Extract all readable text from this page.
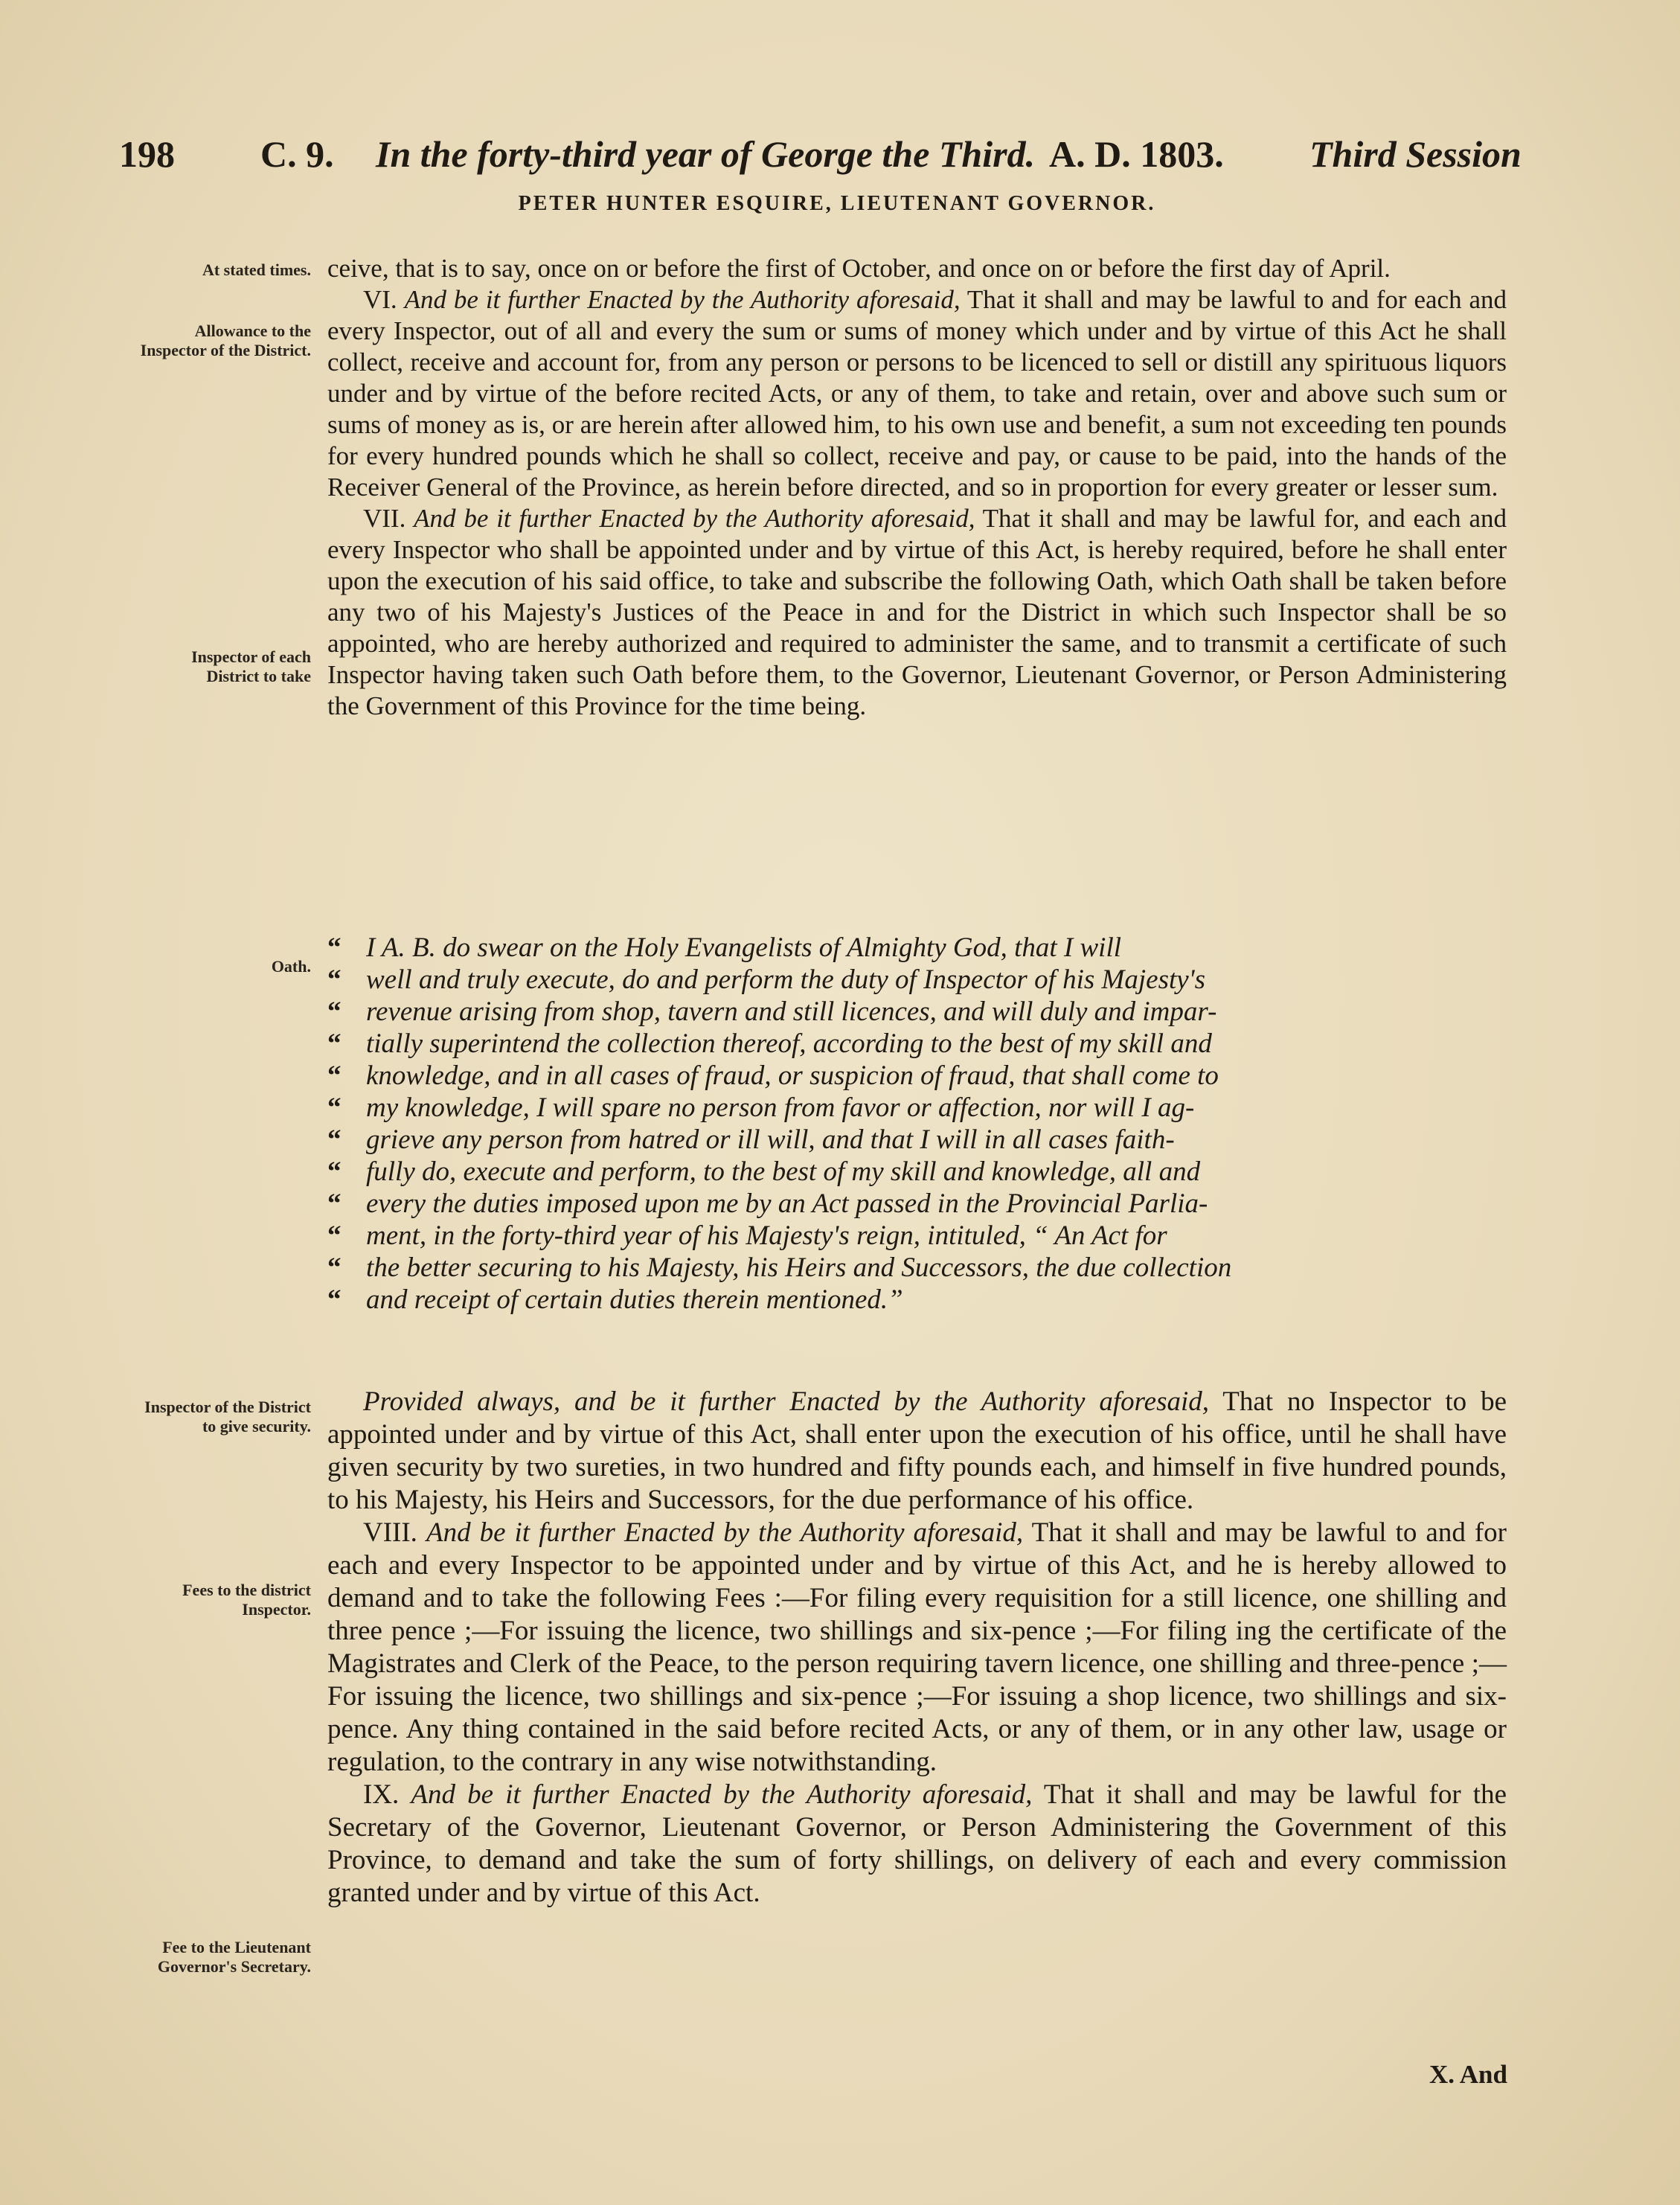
198 C. 9. In the forty-third year of George the Third. A. D. 1803. Third Session
PETER HUNTER ESQUIRE, LIEUTENANT GOVERNOR.
At stated times.
Allowance to the Inspector of the District.
Inspector of each District to take
Oath.
Inspector of the District to give security.
Fees to the district Inspector.
Fee to the Lieutenant Governor's Secretary.

ceive, that is to say, once on or before the first of October, and once on or before the first day of April.

VI. And be it further Enacted by the Authority aforesaid, That it shall and may be lawful to and for each and every Inspector, out of all and every the sum or sums of money which under and by virtue of this Act he shall collect, receive and account for, from any person or persons to be licenced to sell or distill any spirituous liquors under and by virtue of the before recited Acts, or any of them, to take and retain, over and above such sum or sums of money as is, or are herein after allowed him, to his own use and benefit, a sum not exceeding ten pounds for every hundred pounds which he shall so collect, receive and pay, or cause to be paid, into the hands of the Receiver General of the Province, as herein before directed, and so in proportion for every greater or lesser sum.

VII. And be it further Enacted by the Authority aforesaid, That it shall and may be lawful for, and each and every Inspector who shall be appointed under and by virtue of this Act, is hereby required, before he shall enter upon the execution of his said office, to take and subscribe the following Oath, which Oath shall be taken before any two of his Majesty's Justices of the Peace in and for the District in which such Inspector shall be so appointed, who are hereby authorized and required to administer the same, and to transmit a certificate of such Inspector having taken such Oath before them, to the Governor, Lieutenant Governor, or Person Administering the Government of this Province for the time being.

“ I A. B. do swear on the Holy Evangelists of Almighty God, that I will
“ well and truly execute, do and perform the duty of Inspector of his Majesty's
“ revenue arising from shop, tavern and still licences, and will duly and impar-
“ tially superintend the collection thereof, according to the best of my skill and
“ knowledge, and in all cases of fraud, or suspicion of fraud, that shall come to
“ my knowledge, I will spare no person from favor or affection, nor will I ag-
“ grieve any person from hatred or ill will, and that I will in all cases faith-
“ fully do, execute and perform, to the best of my skill and knowledge, all and
“ every the duties imposed upon me by an Act passed in the Provincial Parlia-
“ ment, in the forty-third year of his Majesty's reign, intituled, “ An Act for
“ the better securing to his Majesty, his Heirs and Successors, the due collection
“ and receipt of certain duties therein mentioned.”

Provided always, and be it further Enacted by the Authority aforesaid, That no Inspector to be appointed under and by virtue of this Act, shall enter upon the execution of his office, until he shall have given security by two sureties, in two hundred and fifty pounds each, and himself in five hundred pounds, to his Majesty, his Heirs and Successors, for the due performance of his office.

VIII. And be it further Enacted by the Authority aforesaid, That it shall and may be lawful to and for each and every Inspector to be appointed under and by virtue of this Act, and he is hereby allowed to demand and to take the following Fees :—For filing every requisition for a still licence, one shilling and three pence ;—For issuing the licence, two shillings and six-pence ;—For filing ing the certificate of the Magistrates and Clerk of the Peace, to the person requiring tavern licence, one shilling and three-pence ;—For issuing the licence, two shillings and six-pence ;—For issuing a shop licence, two shillings and six-pence. Any thing contained in the said before recited Acts, or any of them, or in any other law, usage or regulation, to the contrary in any wise notwithstanding.

IX. And be it further Enacted by the Authority aforesaid, That it shall and may be lawful for the Secretary of the Governor, Lieutenant Governor, or Person Administering the Government of this Province, to demand and take the sum of forty shillings, on delivery of each and every commission granted under and by virtue of this Act.

X. And
